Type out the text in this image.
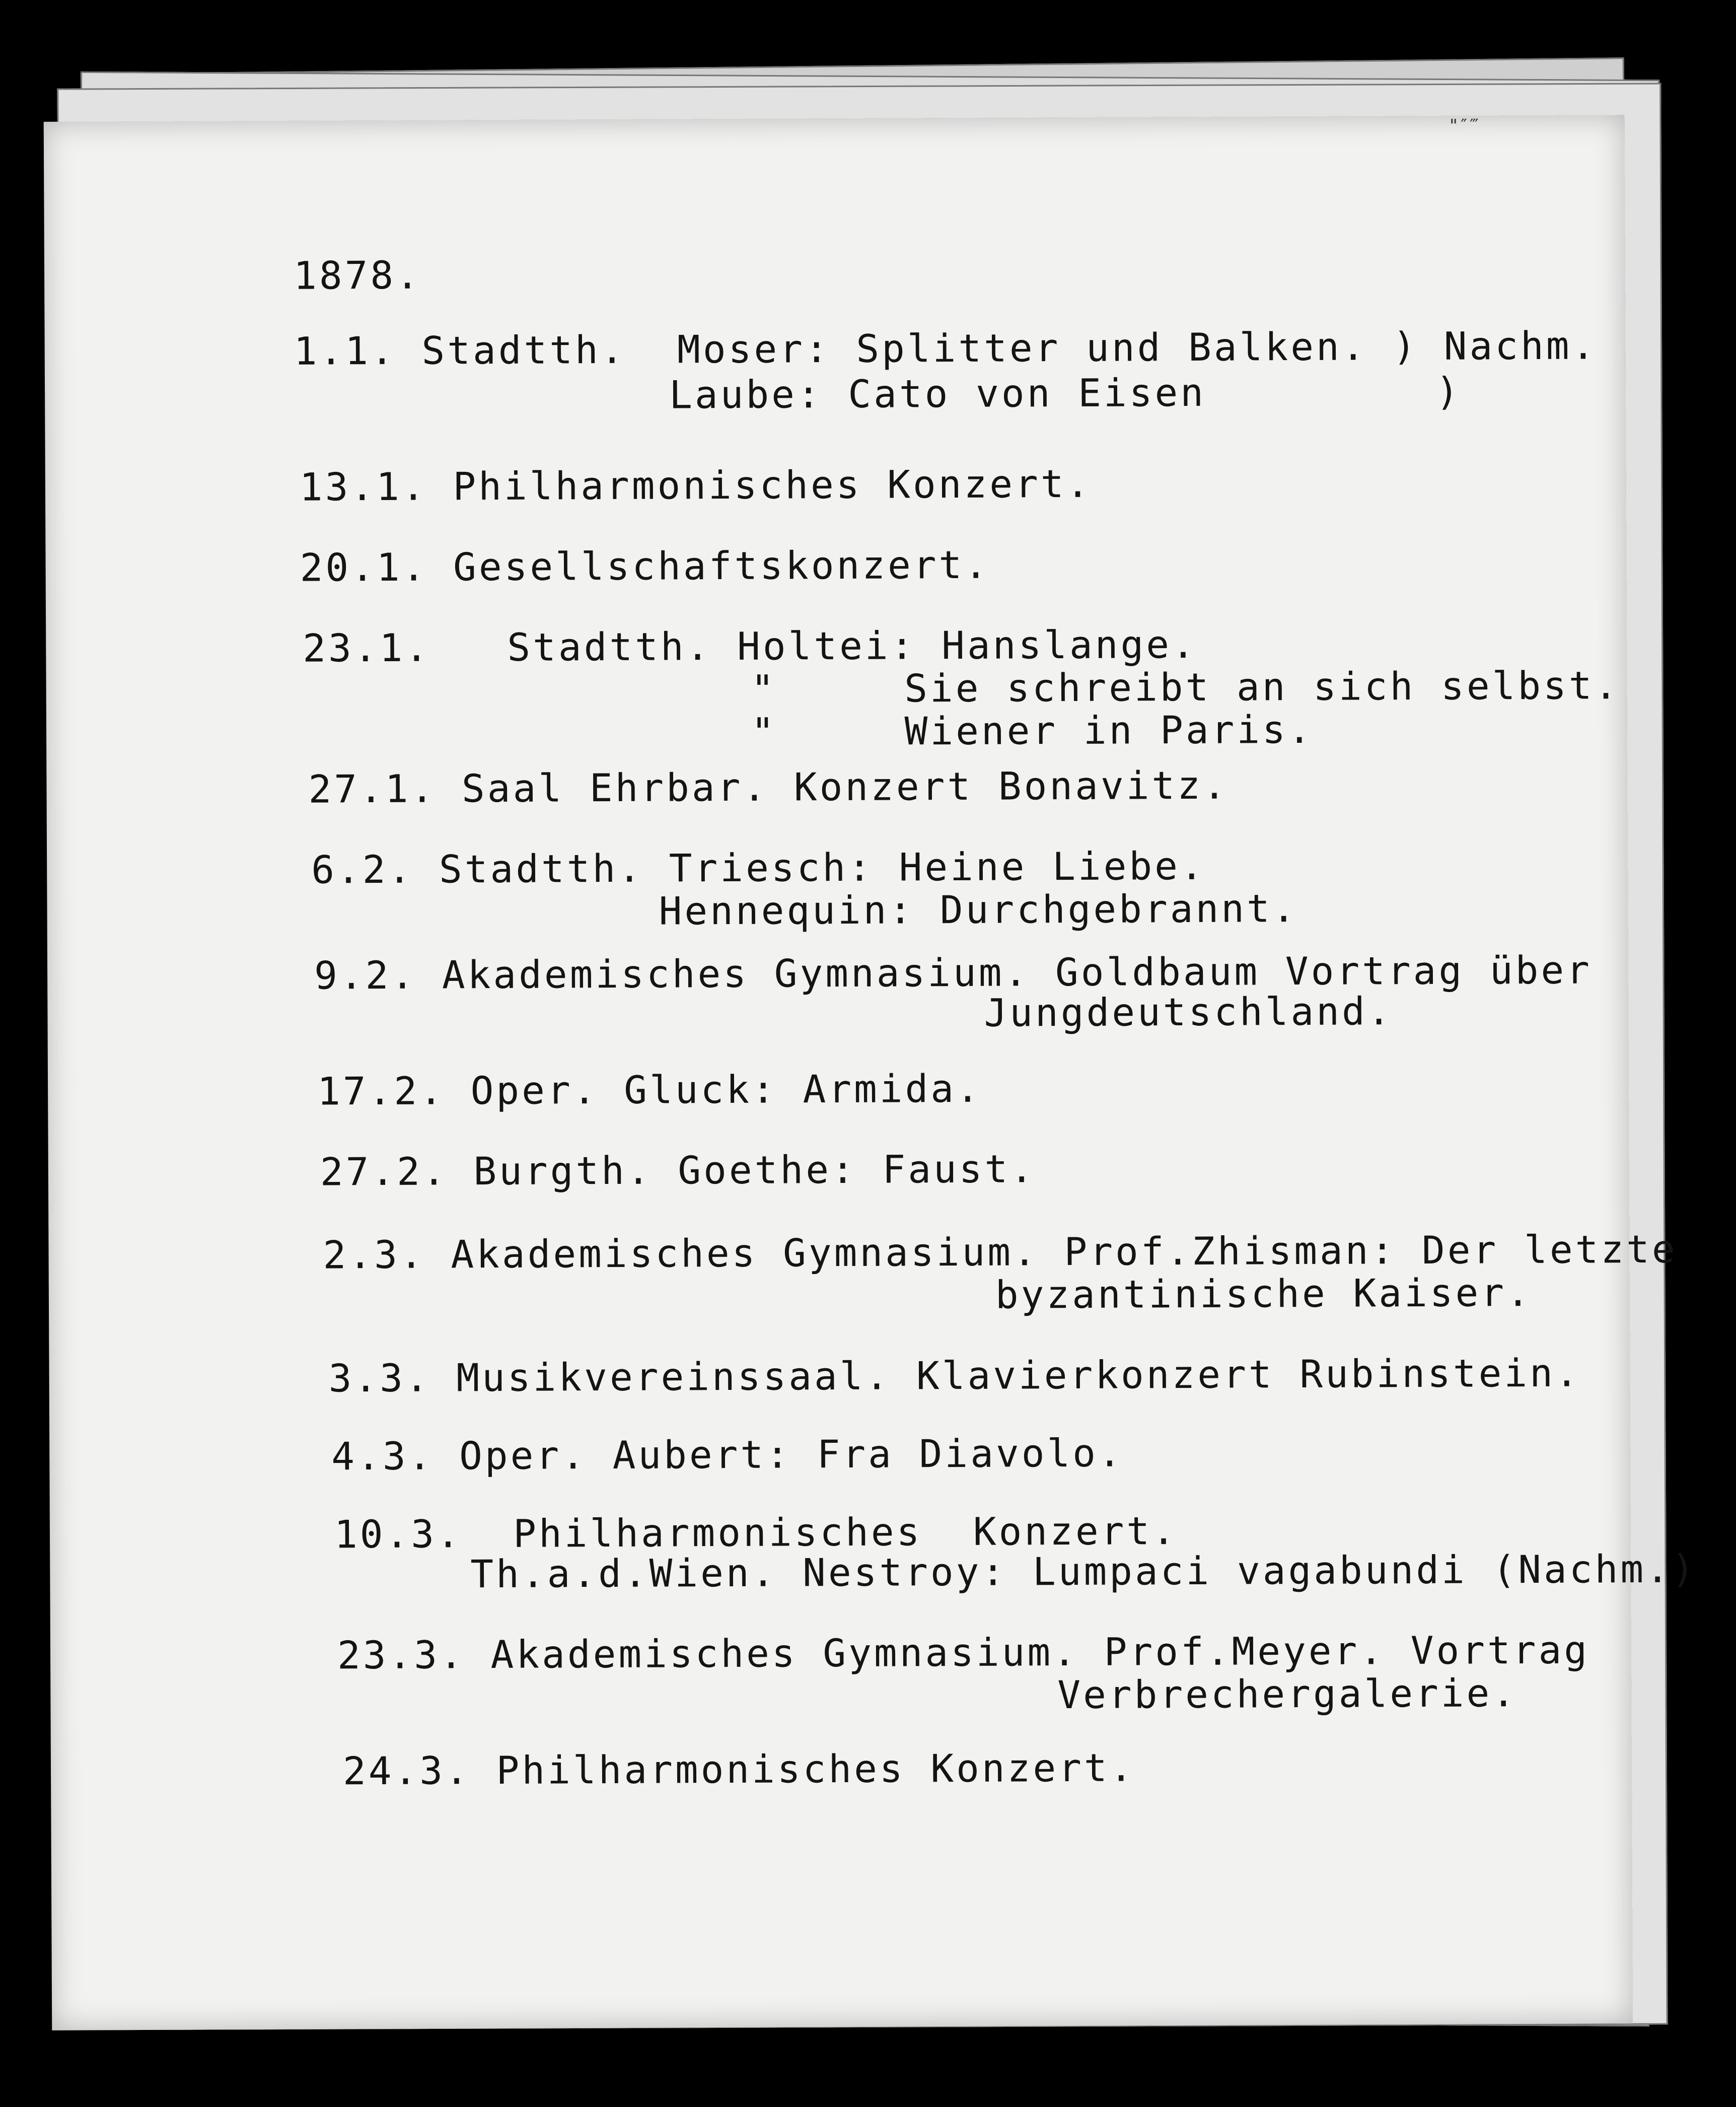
"″‴
1878.
1.1. Stadtth.  Moser: Splitter und Balken. ) Nachm.
Laube: Cato von Eisen         )
13.1. Philharmonisches Konzert.
20.1. Gesellschaftskonzert.
23.1.   Stadtth. Holtei: Hanslange.
"     Sie schreibt an sich selbst.
"     Wiener in Paris.
27.1. Saal Ehrbar. Konzert Bonavitz.
6.2. Stadtth. Triesch: Heine Liebe.
Hennequin: Durchgebrannt.
9.2. Akademisches Gymnasium. Goldbaum Vortrag über
Jungdeutschland.
17.2. Oper. Gluck: Armida.
27.2. Burgth. Goethe: Faust.
2.3. Akademisches Gymnasium. Prof.Zhisman: Der letzte
byzantinische Kaiser.
3.3. Musikvereinssaal. Klavierkonzert Rubinstein.
4.3. Oper. Aubert: Fra Diavolo.
10.3.  Philharmonisches  Konzert.
Th.a.d.Wien. Nestroy: Lumpaci vagabundi (Nachm.)
23.3. Akademisches Gymnasium. Prof.Meyer. Vortrag
Verbrechergalerie.
24.3. Philharmonisches Konzert.
